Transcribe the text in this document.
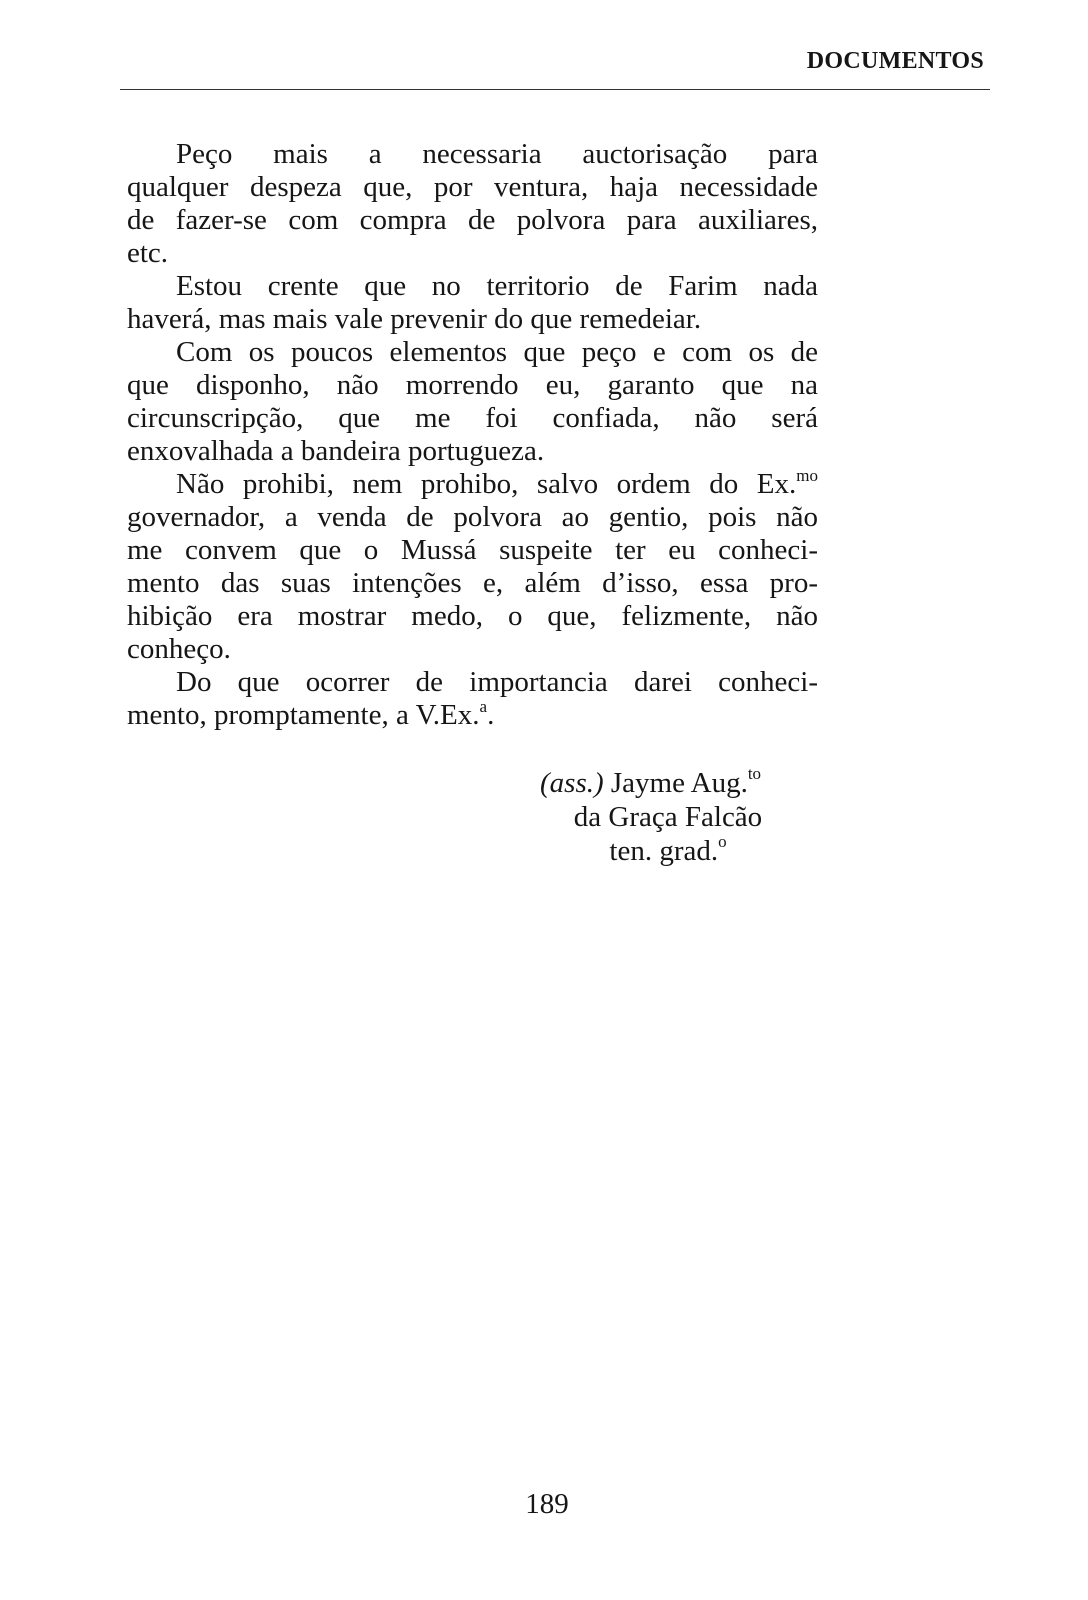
DOCUMENTOS
Peço mais a necessaria auctorisação para
qualquer despeza que, por ventura, haja necessidade
de fazer-se com compra de polvora para auxiliares,
etc.
Estou crente que no territorio de Farim nada
haverá, mas mais vale prevenir do que remedeiar.
Com os poucos elementos que peço e com os de
que disponho, não morrendo eu, garanto que na
circunscripção, que me foi confiada, não será
enxovalhada a bandeira portugueza.
Não prohibi, nem prohibo, salvo ordem do Ex.$^{mo}$
governador, a venda de polvora ao gentio, pois não
me convem que o Mussá suspeite ter eu conheci-
mento das suas intenções e, além d’isso, essa pro-
hibição era mostrar medo, o que, felizmente, não
conheço.
Do que ocorrer de importancia darei conheci-
mento, promptamente, a V.Ex.$^a$.
(ass.) Jayme Aug.$^{to}$
da Graça Falcão
ten. grad.$^o$
189
